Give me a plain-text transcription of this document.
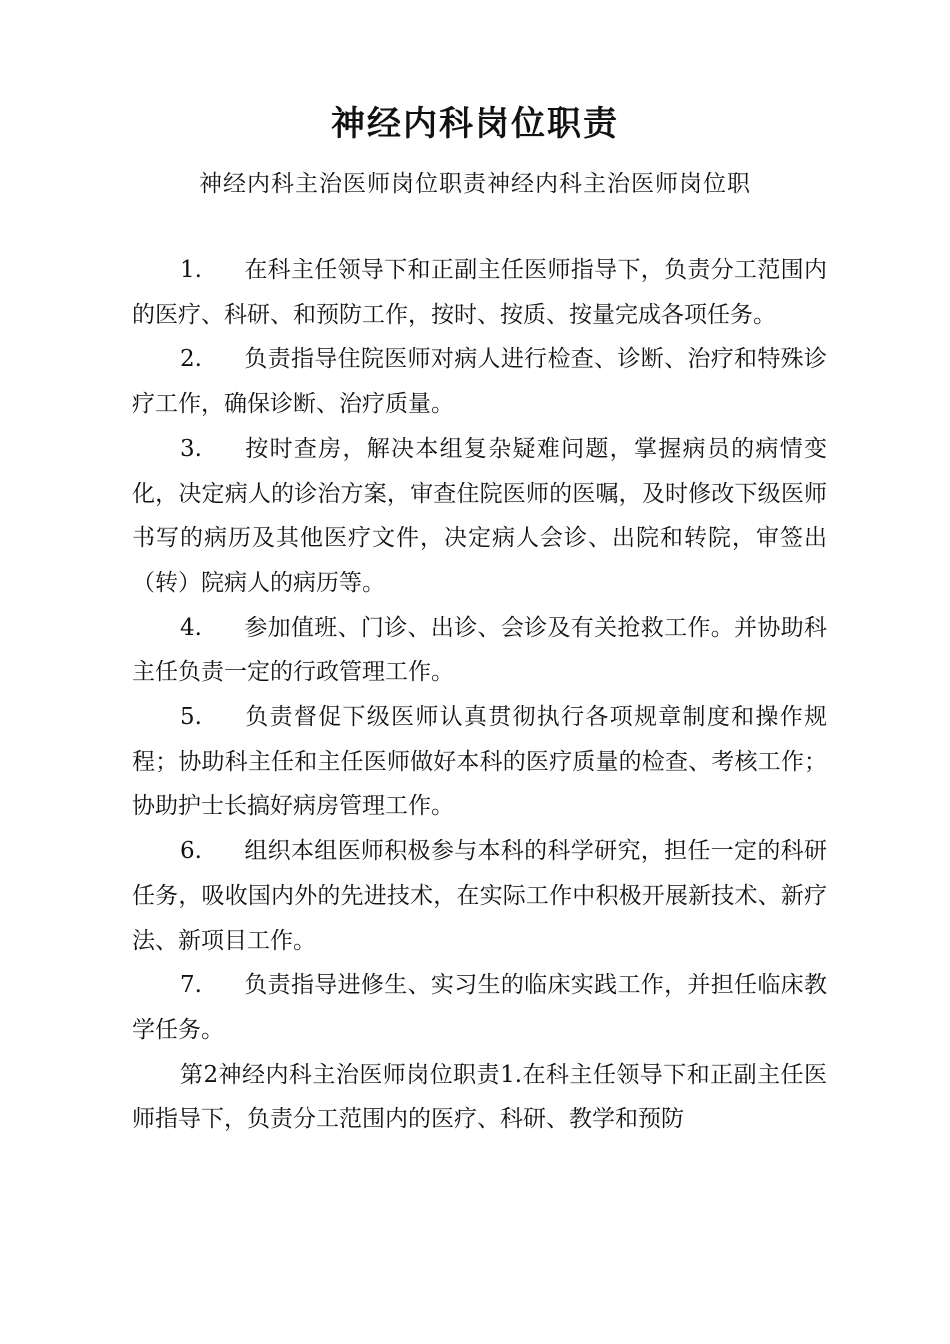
神经内科岗位职责
神经内科主治医师岗位职责神经内科主治医师岗位职

1. 在科主任领导下和正副主任医师指导下，负责分工范围内的医疗、科研、和预防工作，按时、按质、按量完成各项任务。

2. 负责指导住院医师对病人进行检查、诊断、治疗和特殊诊疗工作，确保诊断、治疗质量。

3. 按时查房，解决本组复杂疑难问题，掌握病员的病情变化，决定病人的诊治方案，审查住院医师的医嘱，及时修改下级医师书写的病历及其他医疗文件，决定病人会诊、出院和转院，审签出（转）院病人的病历等。

4. 参加值班、门诊、出诊、会诊及有关抢救工作。并协助科主任负责一定的行政管理工作。

5. 负责督促下级医师认真贯彻执行各项规章制度和操作规程；协助科主任和主任医师做好本科的医疗质量的检查、考核工作；协助护士长搞好病房管理工作。

6. 组织本组医师积极参与本科的科学研究，担任一定的科研任务，吸收国内外的先进技术，在实际工作中积极开展新技术、新疗法、新项目工作。

7. 负责指导进修生、实习生的临床实践工作，并担任临床教学任务。

第2神经内科主治医师岗位职责1.在科主任领导下和正副主任医师指导下，负责分工范围内的医疗、科研、教学和预防
